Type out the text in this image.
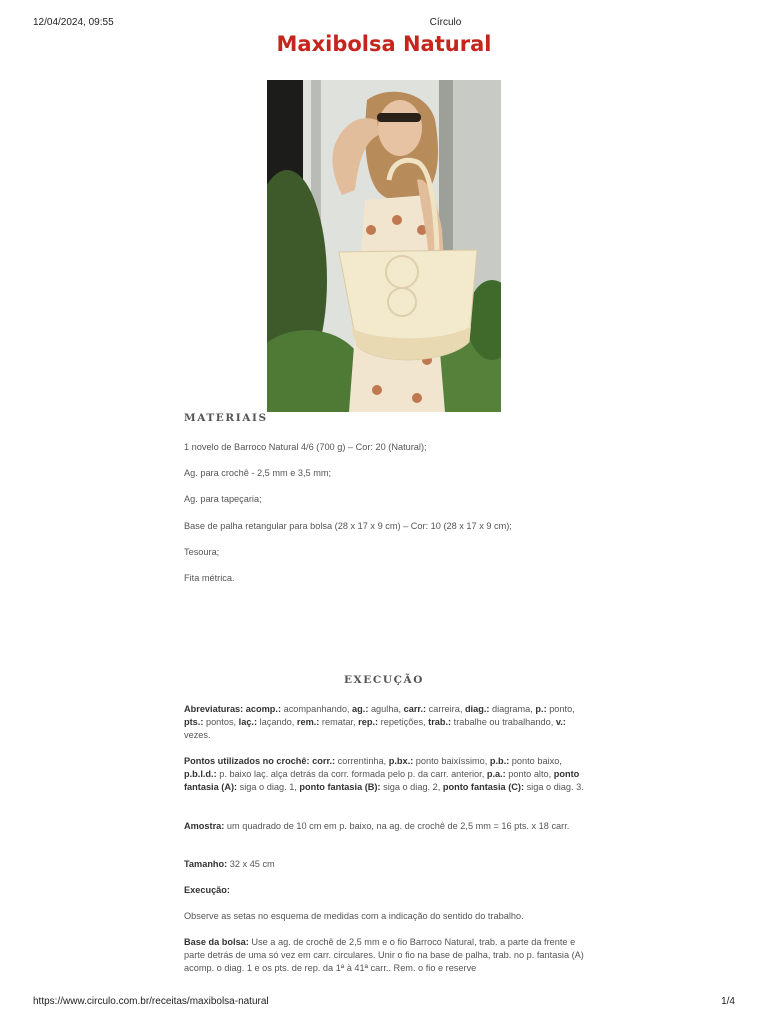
12/04/2024, 09:55	Círculo
Maxibolsa Natural
MATERIAIS
1 novelo de Barroco Natural 4/6 (700 g) – Cor: 20 (Natural);
Ag. para crochê - 2,5 mm e 3,5 mm;
Ag. para tapeçaria;
Base de palha retangular para bolsa (28 x 17 x 9 cm) – Cor: 10 (28 x 17 x 9 cm);
Tesoura;
Fita métrica.
EXECUÇÃO

Abreviaturas: acomp.: acompanhando, ag.: agulha, carr.: carreira, diag.: diagrama, p.: ponto, pts.: pontos, laç.: laçando, rem.: rematar, rep.: repetições, trab.: trabalhe ou trabalhando, v.: vezes.

Pontos utilizados no crochê: corr.: correntinha, p.bx.: ponto baixíssimo, p.b.: ponto baixo, p.b.l.d.: p. baixo laç. alça detrás da corr. formada pelo p. da carr. anterior, p.a.: ponto alto, ponto fantasia (A): siga o diag. 1, ponto fantasia (B): siga o diag. 2, ponto fantasia (C): siga o diag. 3.

Amostra: um quadrado de 10 cm em p. baixo, na ag. de crochê de 2,5 mm = 16 pts. x 18 carr.

Tamanho: 32 x 45 cm

Execução:

Observe as setas no esquema de medidas com a indicação do sentido do trabalho.

Base da bolsa: Use a ag. de crochê de 2,5 mm e o fio Barroco Natural, trab. a parte da frente e parte detrás de uma só vez em carr. circulares. Unir o fio na base de palha, trab. no p. fantasia (A) acomp. o diag. 1 e os pts. de rep. da 1ª à 41ª carr.. Rem. o fio e reserve

https://www.circulo.com.br/receitas/maxibolsa-natural	1/4
